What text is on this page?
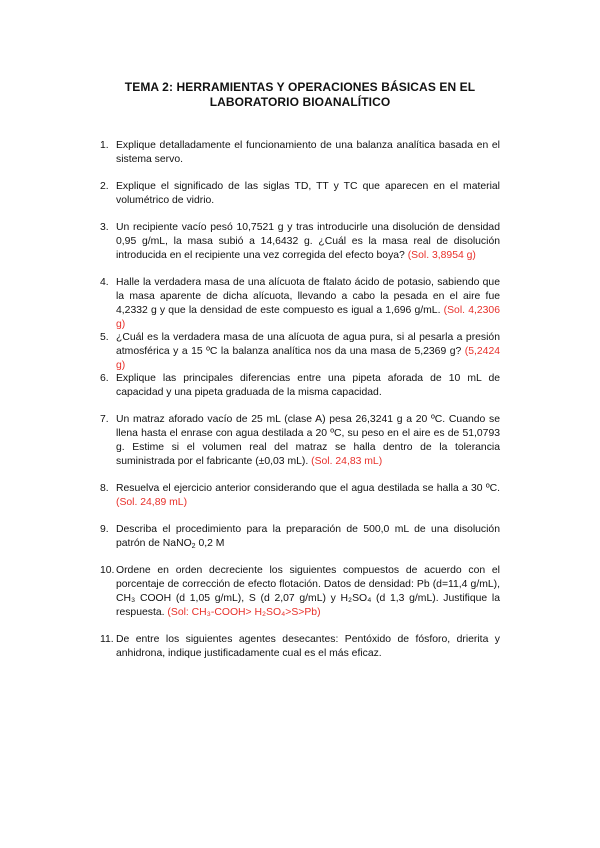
TEMA 2: HERRAMIENTAS Y OPERACIONES BÁSICAS EN EL
LABORATORIO BIOANALÍTICO
1. Explique detalladamente el funcionamiento de una balanza analítica basada en el sistema servo.
2. Explique el significado de las siglas TD, TT y TC que aparecen en el material volumétrico de vidrio.
3. Un recipiente vacío pesó 10,7521 g y tras introducirle una disolución de densidad 0,95 g/mL, la masa subió a 14,6432 g. ¿Cuál es la masa real de disolución introducida en el recipiente una vez corregida del efecto boya? (Sol. 3,8954 g)
4. Halle la verdadera masa de una alícuota de ftalato ácido de potasio, sabiendo que la masa aparente de dicha alícuota, llevando a cabo la pesada en el aire fue 4,2332 g y que la densidad de este compuesto es igual a 1,696 g/mL. (Sol. 4,2306 g)
5. ¿Cuál es la verdadera masa de una alícuota de agua pura, si al pesarla a presión atmosférica y a 15 ºC la balanza analítica nos da una masa de 5,2369 g? (5,2424 g)
6. Explique las principales diferencias entre una pipeta aforada de 10 mL de capacidad y una pipeta graduada de la misma capacidad.
7. Un matraz aforado vacío de 25 mL (clase A) pesa 26,3241 g a 20 ºC. Cuando se llena hasta el enrase con agua destilada a 20 ºC, su peso en el aire es de 51,0793 g. Estime si el volumen real del matraz se halla dentro de la tolerancia suministrada por el fabricante (±0,03 mL). (Sol. 24,83 mL)
8. Resuelva el ejercicio anterior considerando que el agua destilada se halla a 30 ºC. (Sol. 24,89 mL)
9. Describa el procedimiento para la preparación de 500,0 mL de una disolución patrón de NaNO$_2$ 0,2 M
10. Ordene en orden decreciente los siguientes compuestos de acuerdo con el porcentaje de corrección de efecto flotación. Datos de densidad: Pb (d=11,4 g/mL), CH₃ COOH (d 1,05 g/mL), S (d 2,07 g/mL) y H₂SO₄ (d 1,3 g/mL). Justifique la respuesta. (Sol: CH₃-COOH> H₂SO₄>S>Pb)
11. De entre los siguientes agentes desecantes: Pentóxido de fósforo, drierita y anhidrona, indique justificadamente cual es el más eficaz.
